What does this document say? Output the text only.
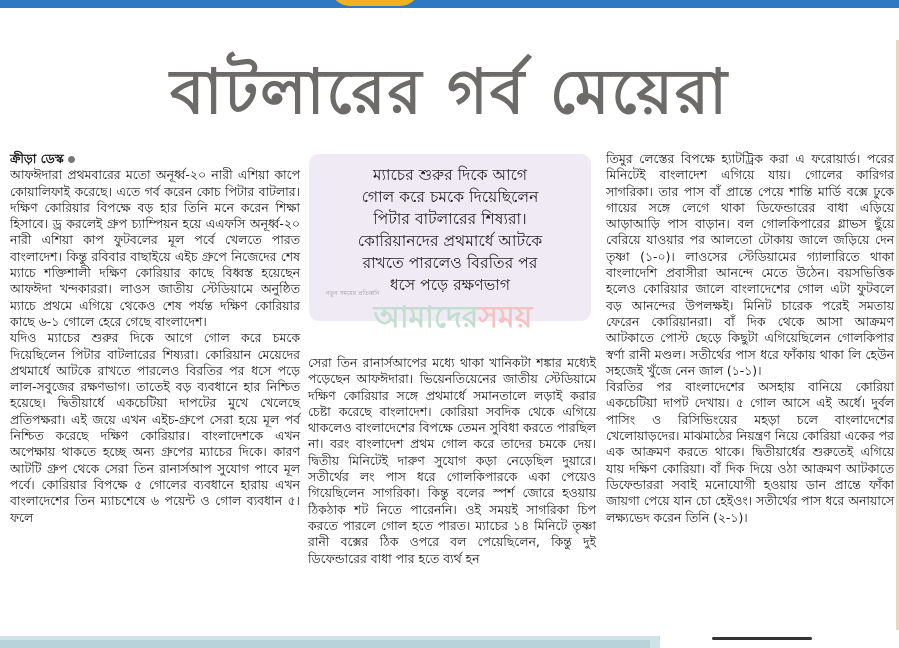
বাটলারের গর্ব মেয়েরা

ক্রীড়া ডেস্ক
আফঈদারা প্রথমবারের মতো অনূর্ধ্ব-২০ নারী এশিয়া কাপে কোয়ালিফাই করেছে। এতে গর্ব করেন কোচ পিটার বাটলার। দক্ষিণ কোরিয়ার বিপক্ষে বড় হার তিনি মনে করেন শিক্ষা হিসাবে। ড্র করলেই গ্রুপ চ্যাম্পিয়ন হয়ে এএফসি অনূর্ধ্ব-২০ নারী এশিয়া কাপ ফুটবলের মূল পর্বে খেলতে পারত বাংলাদেশ। কিন্তু রবিবার বাছাইয়ে এইচ গ্রুপে নিজেদের শেষ ম্যাচে শক্তিশালী দক্ষিণ কোরিয়ার কাছে বিধ্বস্ত হয়েছেন আফঈদা খন্দকাররা। লাওস জাতীয় স্টেডিয়ামে অনুষ্ঠিত ম্যাচে প্রথমে এগিয়ে থেকেও শেষ পর্যন্ত দক্ষিণ কোরিয়ার কাছে ৬-১ গোলে হেরে গেছে বাংলাদেশ।

যদিও ম্যাচের শুরুর দিকে আগে গোল করে চমকে দিয়েছিলেন পিটার বাটলারের শিষ্যরা। কোরিয়ান মেয়েদের প্রথমার্ধে আটকে রাখতে পারলেও বিরতির পর ধসে পড়ে লাল-সবুজের রক্ষণভাগ। তাতেই বড় ব্যবধানে হার নিশ্চিত হয়েছে। দ্বিতীয়ার্ধে একচেটিয়া দাপটের মুখে খেলেছে প্রতিপক্ষরা। এই জয়ে এখন এইচ-গ্রুপে সেরা হয়ে মূল পর্ব নিশ্চিত করেছে দক্ষিণ কোরিয়ার। বাংলাদেশকে এখন অপেক্ষায় থাকতে হচ্ছে অন্য গ্রুপের ম্যাচের দিকে। কারণ আটটি গ্রুপ থেকে সেরা তিন রানার্সআপ সুযোগ পাবে মূল পর্বে। কোরিয়ার বিপক্ষে ৫ গোলের ব্যবধানে হারায় এখন বাংলাদেশের তিন ম্যাচশেষে ৬ পয়েন্ট ও গোল ব্যবধান ৫। ফলে

ম্যাচের শুরুর দিকে আগে
গোল করে চমকে দিয়েছিলেন
পিটার বাটলারের শিষ্যরা।
কোরিয়ানদের প্রথমার্ধে আটকে
রাখতে পারলেও বিরতির পর
ধসে পড়ে রক্ষণভাগ
নতুন সময়ের প্রতিধ্বনি
আমাদেরসময়

সেরা তিন রানার্সআপের মধ্যে থাকা খানিকটা শঙ্কার মধ্যেই পড়েছেন আফঈদারা। ভিয়েনতিয়েনের জাতীয় স্টেডিয়ামে দক্ষিণ কোরিয়ার সঙ্গে প্রথমার্ধে সমানতালে লড়াই করার চেষ্টা করেছে বাংলাদেশ। কোরিয়া সবদিক থেকে এগিয়ে থাকলেও বাংলাদেশের বিপক্ষে তেমন সুবিধা করতে পারছিল না। বরং বাংলাদেশ প্রথম গোল করে তাদের চমকে দেয়। দ্বিতীয় মিনিটেই দারুণ সুযোগ কড়া নেড়েছিল দুয়ারে। সতীর্থের লং পাস ধরে গোলকিপারকে একা পেয়েও গিয়েছিলেন সাগরিকা। কিন্তু বলের স্পর্শ জোরে হওয়ায় ঠিকঠাক শট নিতে পারেননি। ওই সময়ই সাগরিকা চিপ করতে পারলে গোল হতে পারত। ম্যাচের ১৪ মিনিটে তৃষ্ণা রানী বক্সের ঠিক ওপরে বল পেয়েছিলেন, কিন্তু দুই ডিফেন্ডারের বাধা পার হতে ব্যর্থ হন

তিমুর লেস্তের বিপক্ষে হ্যাটট্রিক করা এ ফরোয়ার্ড। পরের মিনিটেই বাংলাদেশ এগিয়ে যায়। গোলের কারিগর সাগরিকা। তার পাস বাঁ প্রান্তে পেয়ে শান্তি মার্ডি বক্সে ঢুকে গায়ের সঙ্গে লেগে থাকা ডিফেন্ডারের বাধা এড়িয়ে আড়াআড়ি পাস বাড়ান। বল গোলকিপারের গ্লাভস ছুঁয়ে বেরিয়ে যাওয়ার পর আলতো টোকায় জালে জড়িয়ে দেন তৃষ্ণা (১-০)। লাওসের স্টেডিয়ামের গ্যালারিতে থাকা বাংলাদেশি প্রবাসীরা আনন্দে মেতে উঠেন। বয়সভিত্তিক হলেও কোরিয়ার জালে বাংলাদেশের গোল এটা ফুটবলে বড় আনন্দের উপলক্ষই। মিনিট চারেক পরেই সমতায় ফেরেন কোরিয়ানরা। বাঁ দিক থেকে আসা আক্রমণ আটকাতে পোস্ট ছেড়ে কিছুটা এগিয়েছিলেন গোলকিপার স্বর্ণা রানী মণ্ডল। সতীর্থের পাস ধরে ফাঁকায় থাকা লি হেউন সহজেই খুঁজে নেন জাল (১-১)।

বিরতির পর বাংলাদেশের অসহায় বানিয়ে কোরিয়া একচেটিয়া দাপট দেখায়। ৫ গোল আসে এই অর্ধে। দুর্বল পাসিং ও রিসিভিংয়ের মহড়া চলে বাংলাদেশের খেলোয়াড়দের। মাঝমাঠের নিয়ন্ত্রণ নিয়ে কোরিয়া একের পর এক আক্রমণ করতে থাকে। দ্বিতীয়ার্ধের শুরুতেই এগিয়ে যায় দক্ষিণ কোরিয়া। বাঁ দিক দিয়ে ওঠা আক্রমণ আটকাতে ডিফেন্ডাররা সবাই মনোযোগী হওয়ায় ডান প্রান্তে ফাঁকা জায়গা পেয়ে যান চো হেইওং। সতীর্থের পাস ধরে অনায়াসে লক্ষ্যভেদ করেন তিনি (২-১)।
